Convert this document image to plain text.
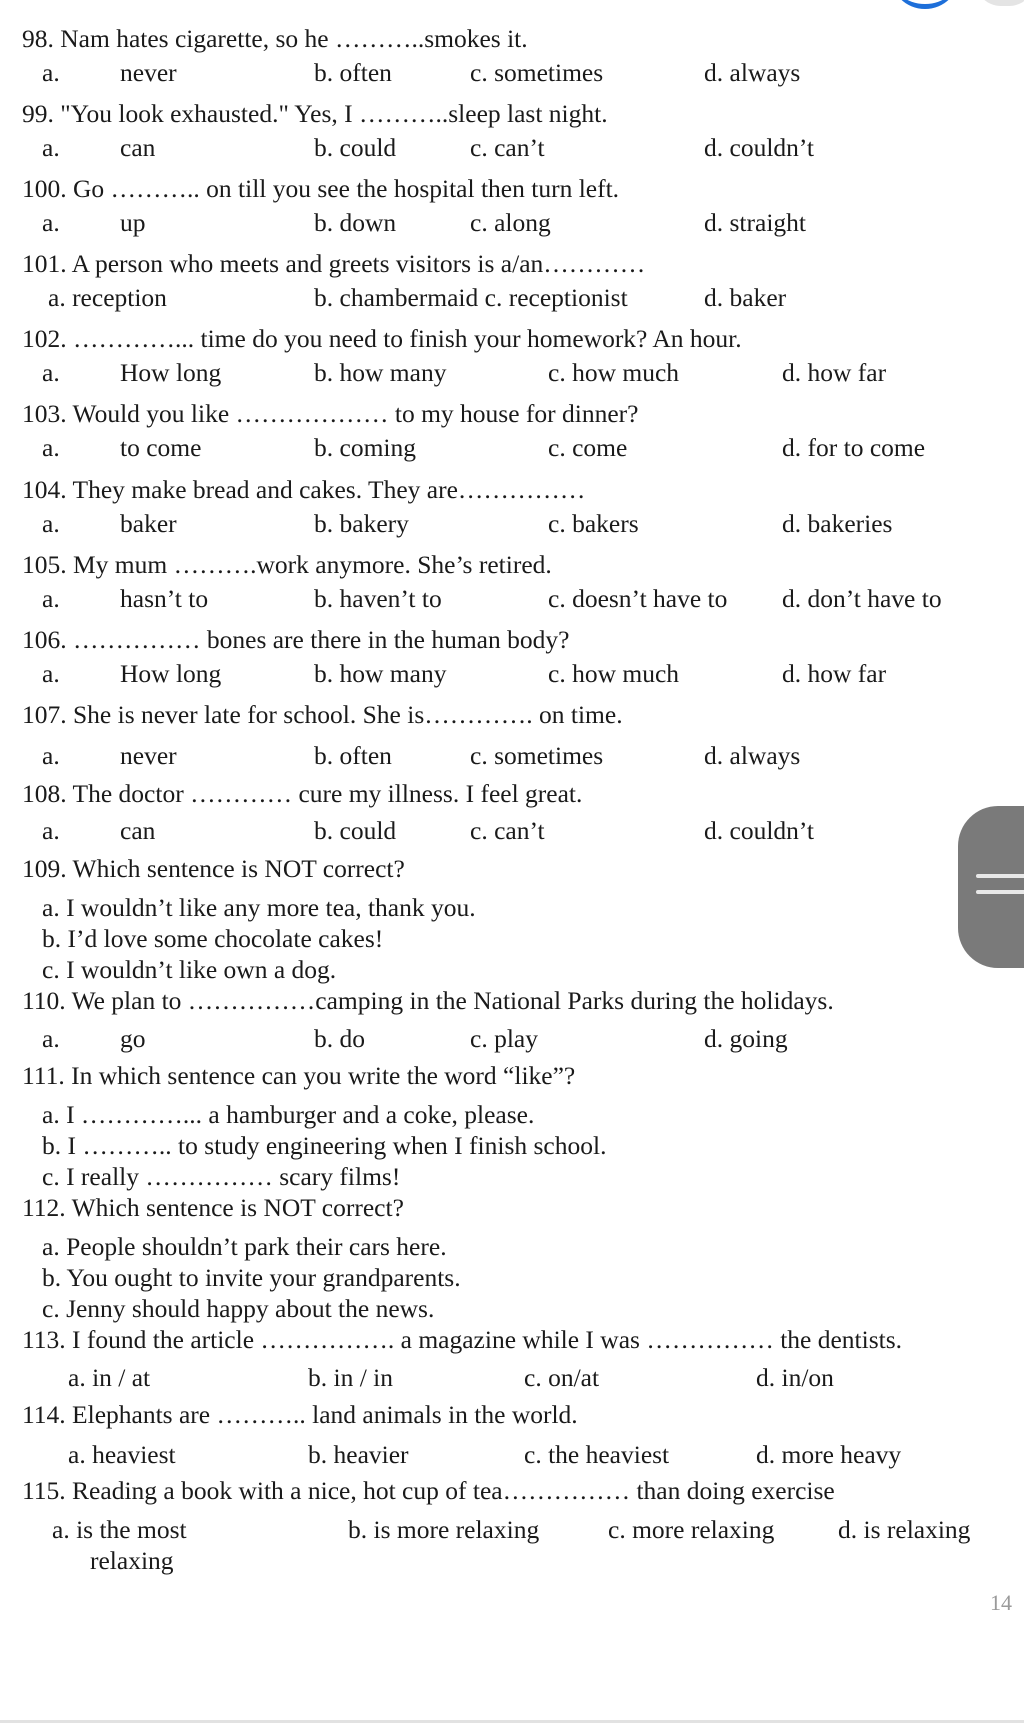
98. Nam hates cigarette, so he ………..smokes it.
a. never	b. often	c. sometimes	d. always
99. "You look exhausted." Yes, I ………..sleep last night.
a. can	b. could	c. can’t	d. couldn’t
100. Go ……….. on till you see the hospital then turn left.
a. up	b. down	c. along	d. straight
101. A person who meets and greets visitors is a/an…………
a. reception	b. chambermaid c. receptionist	d. baker
102. …………... time do you need to finish your homework? An hour.
a. How long	b. how many	c. how much	d. how far
103. Would you like ……………… to my house for dinner?
a. to come	b. coming	c. come	d. for to come
104. They make bread and cakes. They are……………
a. baker	b. bakery	c. bakers	d. bakeries
105. My mum ……….work anymore. She’s retired.
a. hasn’t to	b. haven’t to	c. doesn’t have to d. don’t have to
106. …………… bones are there in the human body?
a. How long	b. how many	c. how much	d. how far
107. She is never late for school. She is…………. on time.
a. never	b. often	c. sometimes	d. always
108. The doctor ………… cure my illness. I feel great.
a. can	b. could	c. can’t	d. couldn’t
109. Which sentence is NOT correct?
a. I wouldn’t like any more tea, thank you.
b. I’d love some chocolate cakes!
c. I wouldn’t like own a dog.
110. We plan to ……………camping in the National Parks during the holidays.
a. go	b. do	c. play	d. going
111. In which sentence can you write the word “like”?
a. I …………... a hamburger and a coke, please.
b. I ……….. to study engineering when I finish school.
c. I really …………… scary films!
112. Which sentence is NOT correct?
a. People shouldn’t park their cars here.
b. You ought to invite your grandparents.
c. Jenny should happy about the news.
113. I found the article ……………. a magazine while I was …………… the dentists.
a. in / at	b. in / in	c. on/at	d. in/on
114. Elephants are ……….. land animals in the world.
a. heaviest	b. heavier	c. the heaviest	d. more heavy
115. Reading a book with a nice, hot cup of tea…………… than doing exercise
a. is the most
relaxing
b. is more relaxing	c. more relaxing d. is relaxing
14
